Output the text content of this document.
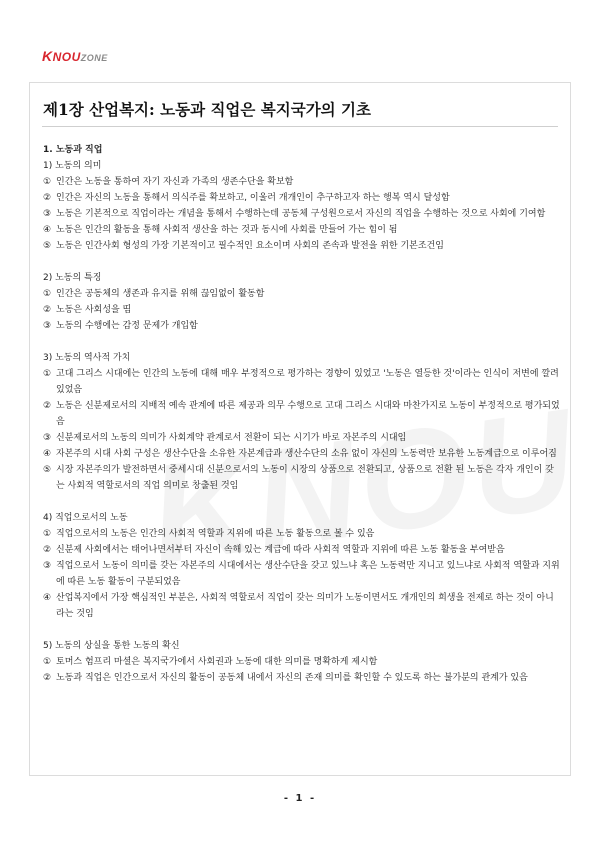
KNOUZONE
제1장 산업복지: 노동과 직업은 복지국가의 기초
1. 노동과 직업

1) 노동의 의미

① 인간은 노동을 통하여 자기 자신과 가족의 생존수단을 확보함
② 인간은 자신의 노동을 통해서 의식주를 확보하고, 이울러 개개인이 추구하고자 하는 행복 역시 달성함
③ 노동은 기본적으로 직업이라는 개념을 통해서 수행하는데 공동체 구성원으로서 자신의 직업을 수행하는 것으로 사회에 기여함
④ 노동은 인간의 활동을 통해 사회적 생산을 하는 것과 동시에 사회를 만들어 가는 힘이 됨
⑤ 노동은 인간사회 형성의 가장 기본적이고 필수적인 요소이며 사회의 존속과 발전을 위한 기본조건임

2) 노동의 특징

① 인간은 공동체의 생존과 유지를 위해 끊임없이 활동함
② 노동은 사회성을 띰
③ 노동의 수행에는 감정 문제가 개입함

3) 노동의 역사적 가치

① 고대 그리스 시대에는 인간의 노동에 대해 매우 부정적으로 평가하는 경향이 있었고 '노동은 열등한 것'이라는 인식이 저변에 깔려 있었음
② 노동은 신분제로서의 지배적 예속 관계에 따른 제공과 의무 수행으로 고대 그리스 시대와 마찬가지로 노동이 부정적으로 평가되었음
③ 신분제로서의 노동의 의미가 사회계약 관계로서 전환이 되는 시기가 바로 자본주의 시대임
④ 자본주의 시대 사회 구성은 생산수단을 소유한 자본계급과 생산수단의 소유 없이 자신의 노동력만 보유한 노동계급으로 이루어짐
⑤ 시장 자본주의가 발전하면서 중세시대 신분으로서의 노동이 시장의 상품으로 전환되고, 상품으로 전환 된 노동은 각자 개인이 갖는 사회적 역할로서의 직업 의미로 창출된 것임

4) 직업으로서의 노동

① 직업으로서의 노동은 인간의 사회적 역할과 지위에 따른 노동 활동으로 볼 수 있음
② 신분제 사회에서는 태어나면서부터 자신이 속해 있는 계급에 따라 사회적 역할과 지위에 따른 노동 활동을 부여받음
③ 직업으로서 노동이 의미를 갖는 자본주의 시대에서는 생산수단을 갖고 있느냐 혹은 노동력만 지니고 있느냐로 사회적 역할과 지위에 따른 노동 활동이 구분되었음
④ 산업복지에서 가장 핵심적인 부분은, 사회적 역할로서 직업이 갖는 의미가 노동이면서도 개개인의 희생을 전제로 하는 것이 아니라는 것임

5) 노동의 상실을 통한 노동의 확신

① 토머스 험프리 마셜은 복지국가에서 사회권과 노동에 대한 의미를 명확하게 제시함
② 노동과 직업은 인간으로서 자신의 활동이 공동체 내에서 자신의 존재 의미를 확인할 수 있도록 하는 불가분의 관계가 있음
- 1 -
